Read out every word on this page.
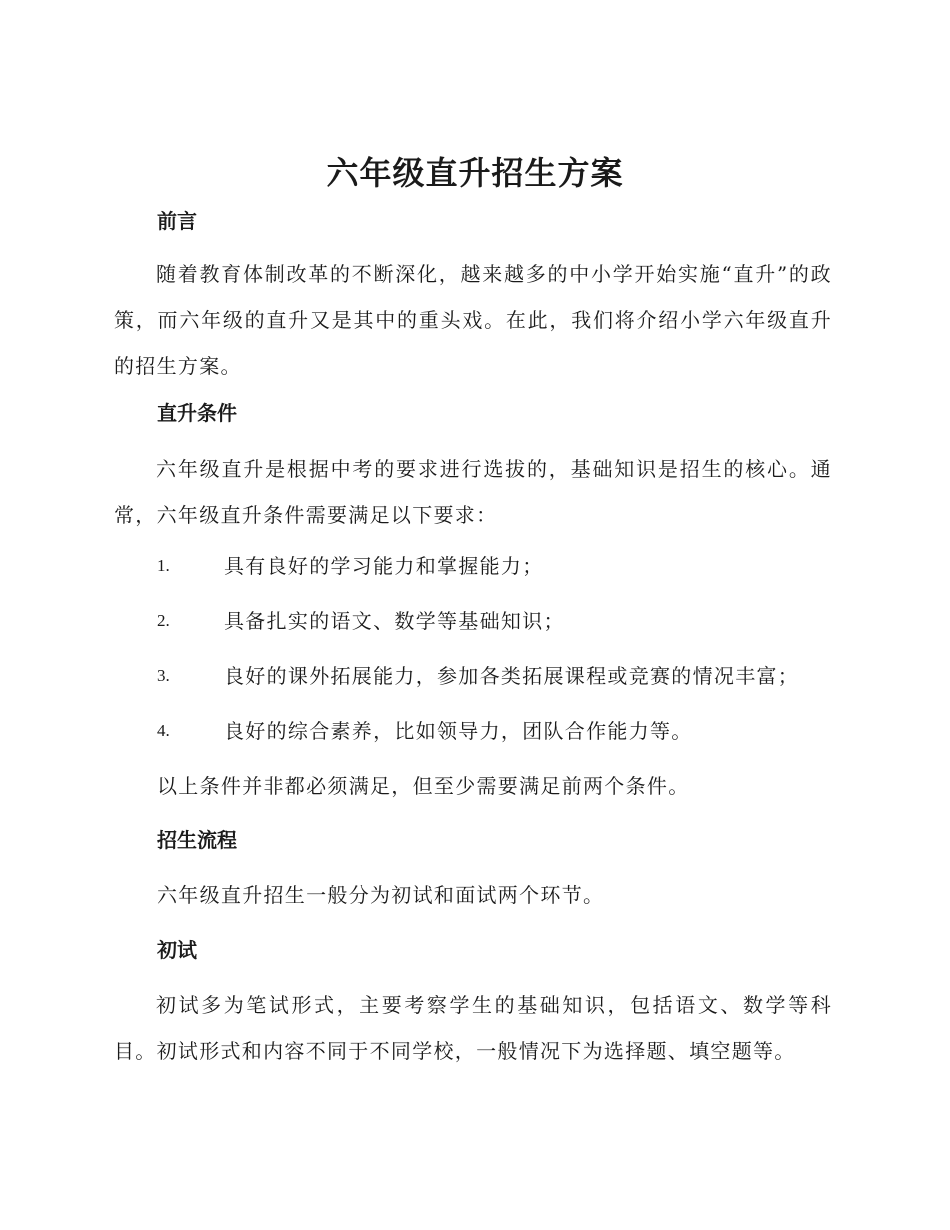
六年级直升招生方案
前言
随着教育体制改革的不断深化，越来越多的中小学开始实施“直升”的政策，而六年级的直升又是其中的重头戏。在此，我们将介绍小学六年级直升的招生方案。
直升条件
六年级直升是根据中考的要求进行选拔的，基础知识是招生的核心。通常，六年级直升条件需要满足以下要求：
1.	具有良好的学习能力和掌握能力；
2.	具备扎实的语文、数学等基础知识；
3.	良好的课外拓展能力，参加各类拓展课程或竞赛的情况丰富；
4.	良好的综合素养，比如领导力，团队合作能力等。
以上条件并非都必须满足，但至少需要满足前两个条件。
招生流程
六年级直升招生一般分为初试和面试两个环节。
初试
初试多为笔试形式，主要考察学生的基础知识，包括语文、数学等科目。初试形式和内容不同于不同学校，一般情况下为选择题、填空题等。
